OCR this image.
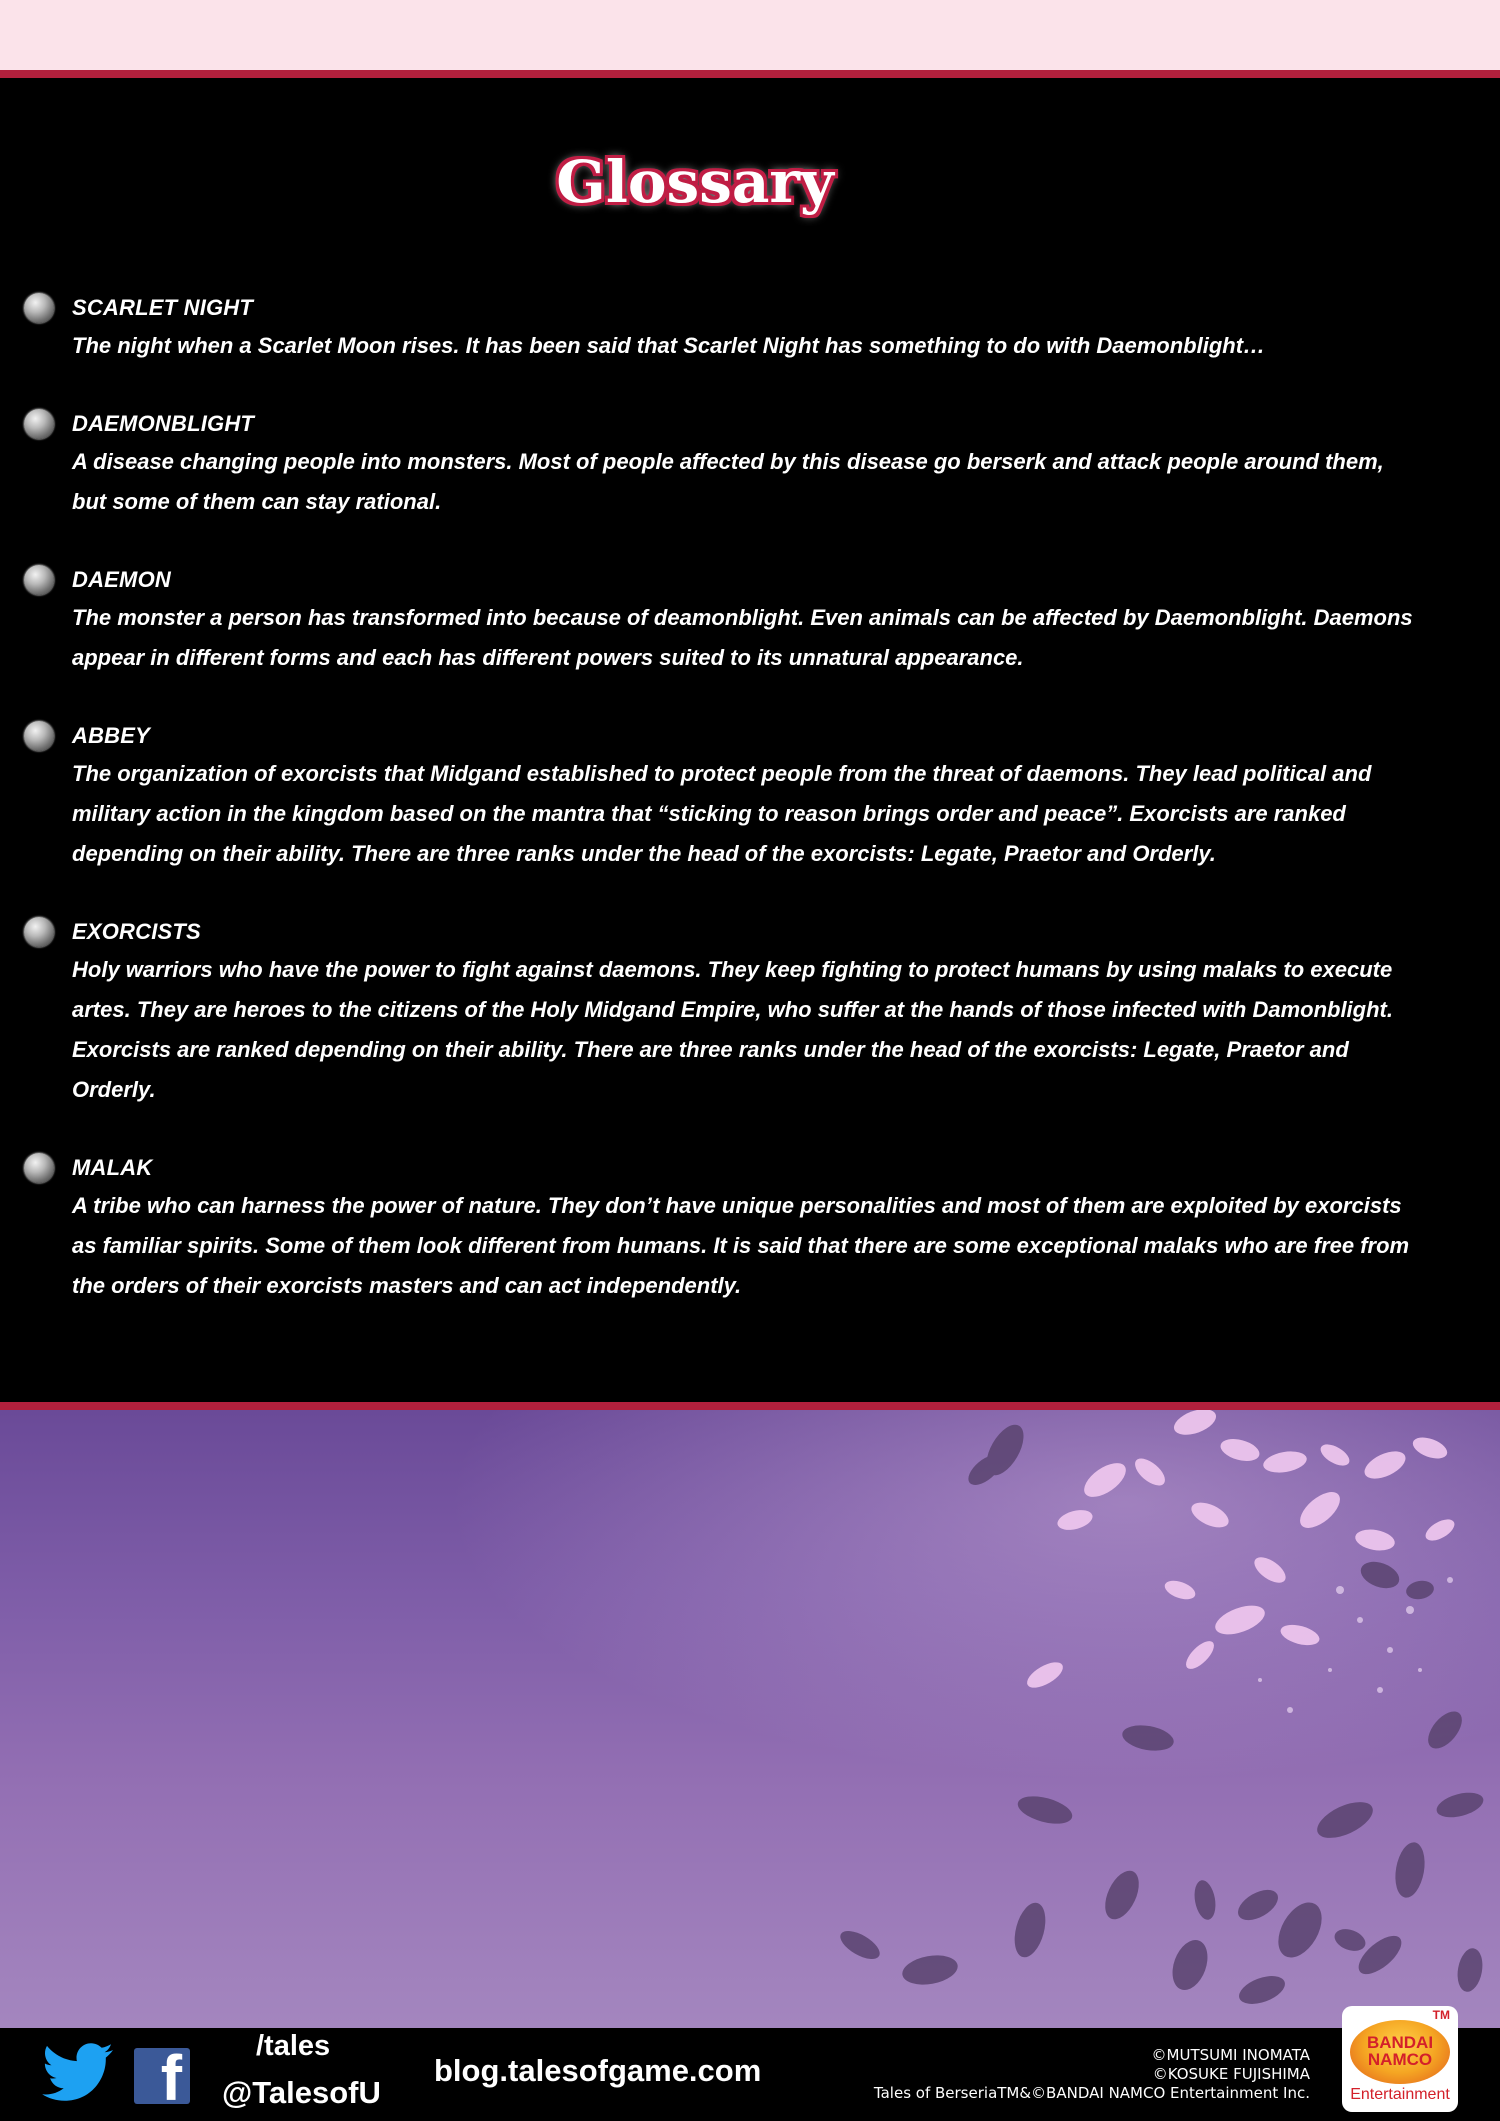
Glossary
SCARLET NIGHT
The night when a Scarlet Moon rises. It has been said that Scarlet Night has something to do with Daemonblight…
DAEMONBLIGHT
A disease changing people into monsters. Most of people affected by this disease go berserk and attack people around them, but some of them can stay rational.
DAEMON
The monster a person has transformed into because of deamonblight. Even animals can be affected by Daemonblight. Daemons appear in different forms and each has different powers suited to its unnatural appearance.
ABBEY
The organization of exorcists that Midgand established to protect people from the threat of daemons. They lead political and military action in the kingdom based on the mantra that “sticking to reason brings order and peace”. Exorcists are ranked depending on their ability. There are three ranks under the head of the exorcists: Legate, Praetor and Orderly.
EXORCISTS
Holy warriors who have the power to fight against daemons. They keep fighting to protect humans by using malaks to execute artes. They are heroes to the citizens of the Holy Midgand Empire, who suffer at the hands of those infected with Damonblight. Exorcists are ranked depending on their ability. There are three ranks under the head of the exorcists: Legate, Praetor and Orderly.
MALAK
A tribe who can harness the power of nature. They don’t have unique personalities and most of them are exploited by exorcists as familiar spirits. Some of them look different from humans. It is said that there are some exceptional malaks who are free from the orders of their exorcists masters and can act independently.
f	/tales
@TalesofU
blog.talesofgame.com	©MUTSUMI INOMATA
©KOSUKE FUJISHIMA
Tales of BerseriaTM&©BANDAI NAMCO Entertainment Inc.
TM
BANDAI
NAMCO
Entertainment
